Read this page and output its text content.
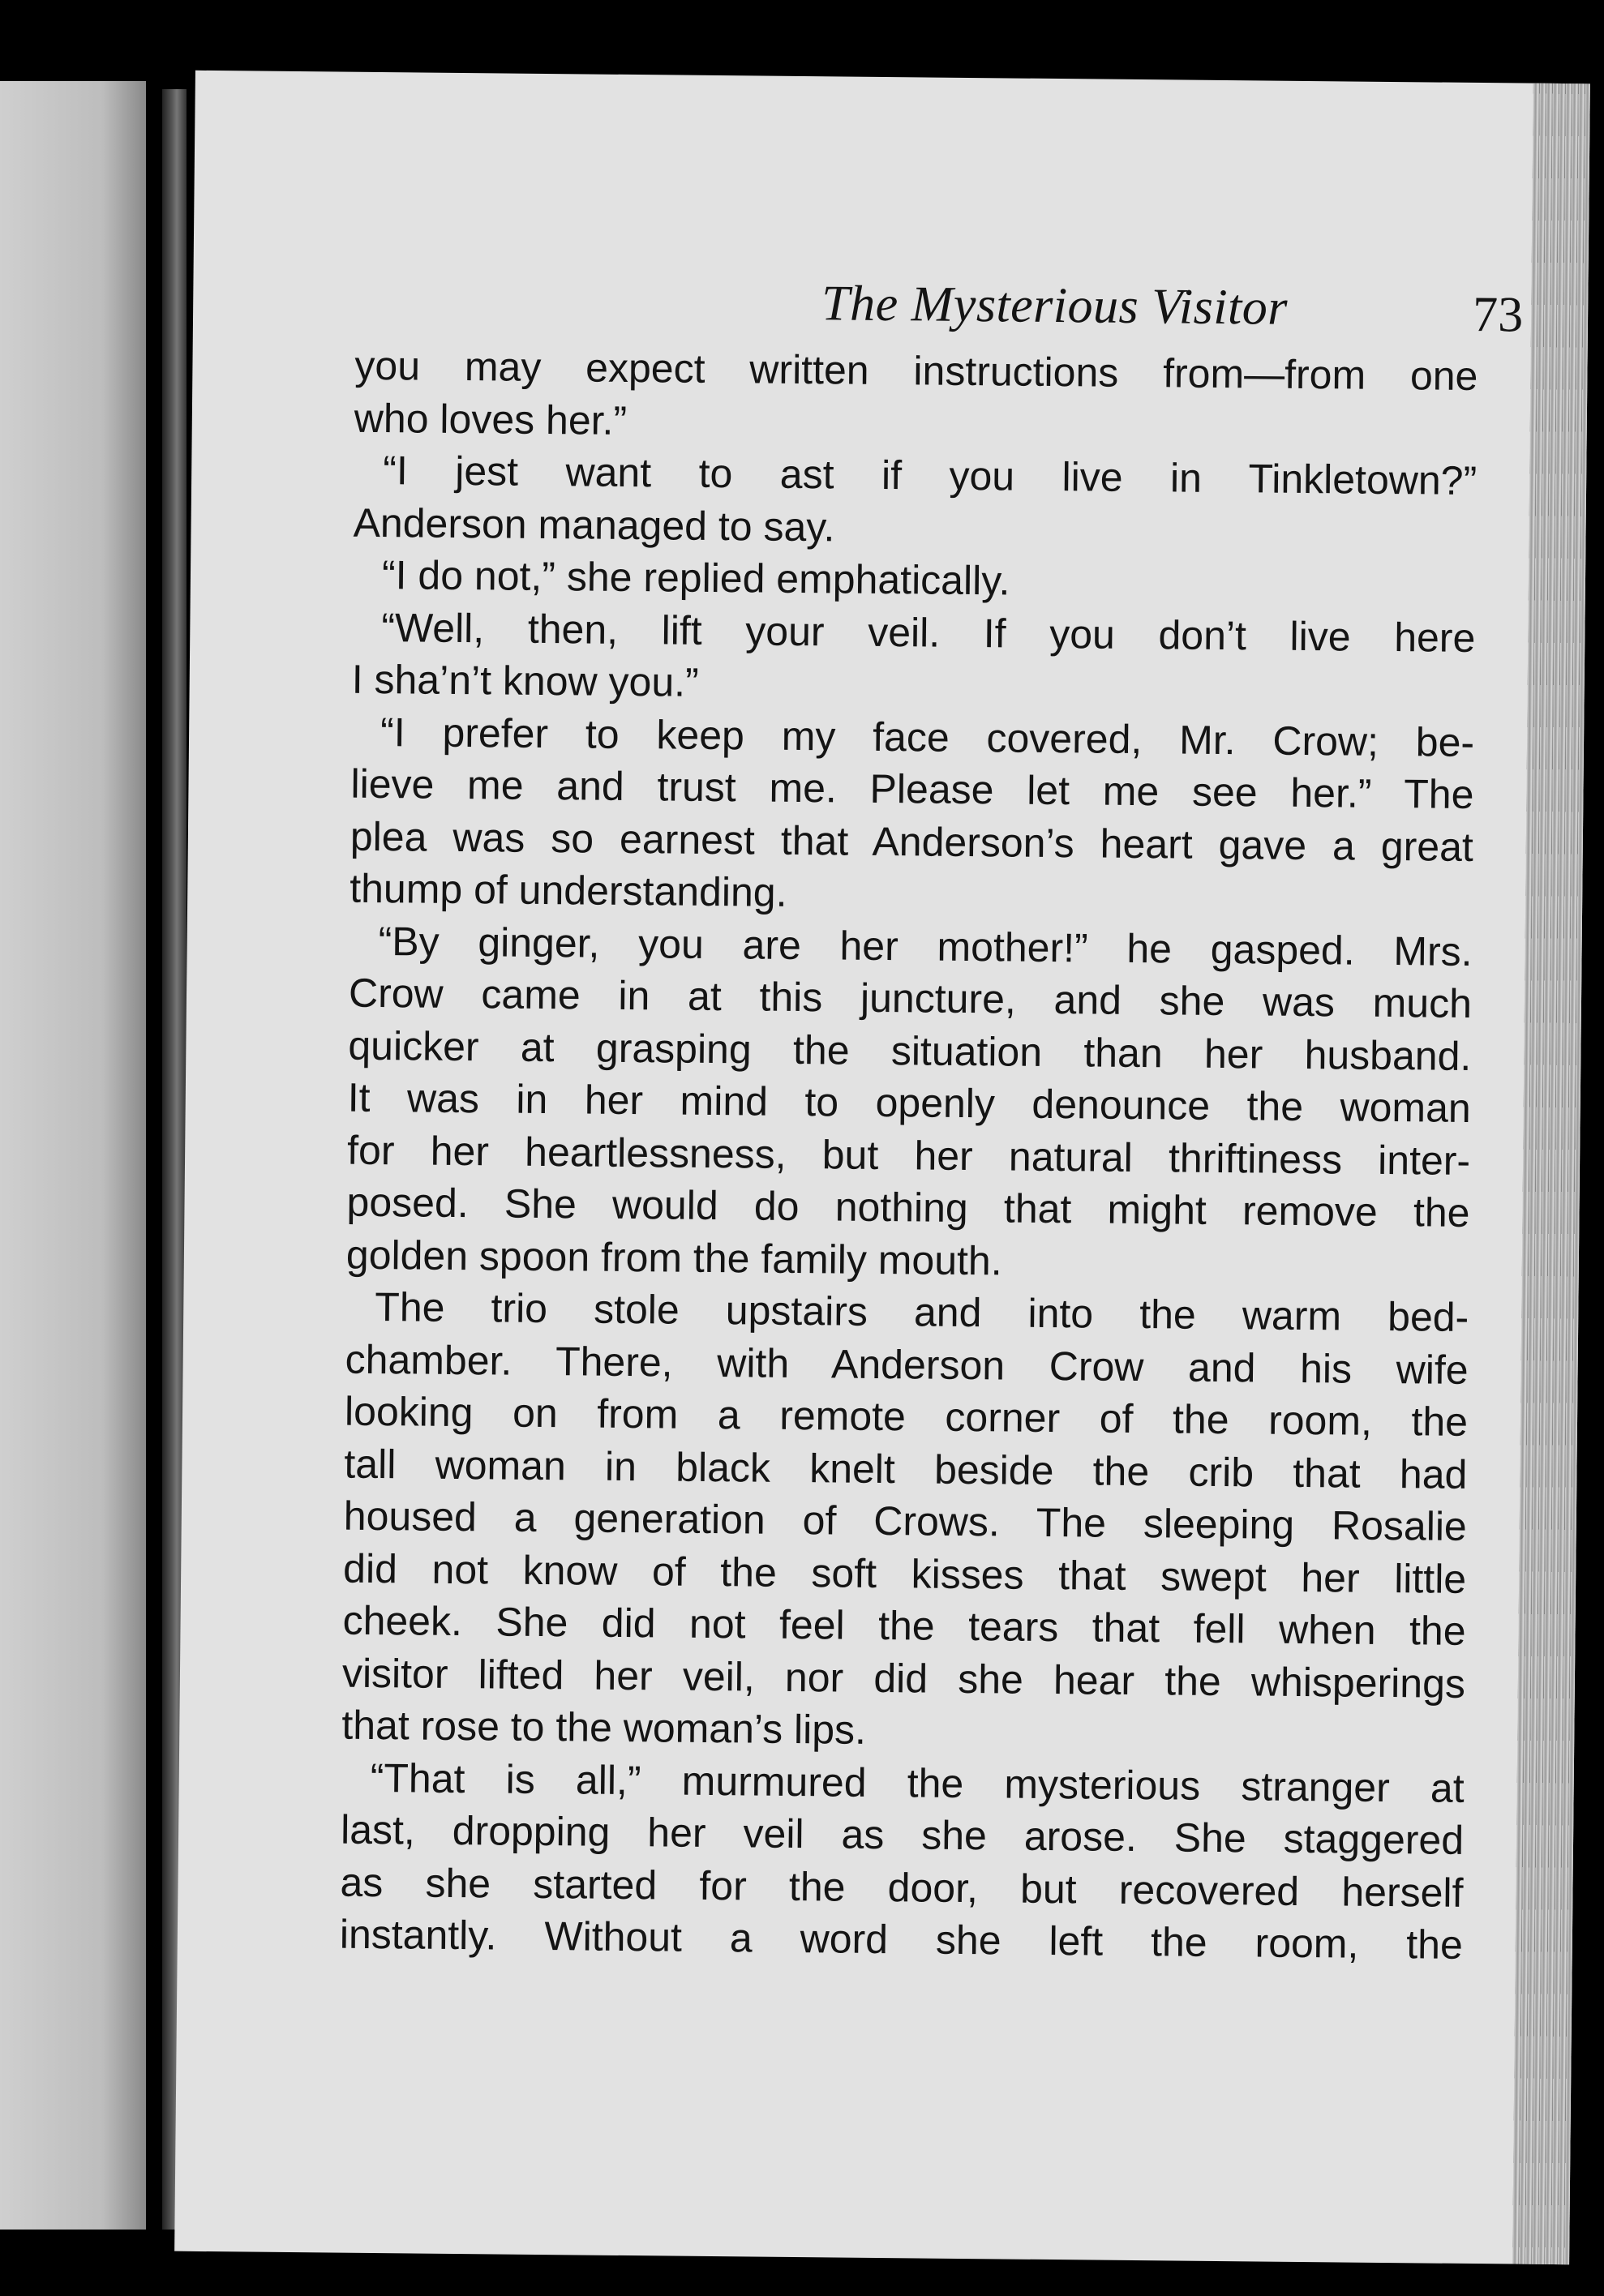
The Mysterious Visitor	73

you may expect written instructions from—from one
who loves her.”

“I jest want to ast if you live in Tinkletown?”
Anderson managed to say.

“I do not,” she replied emphatically.

“Well, then, lift your veil. If you don’t live here
I sha’n’t know you.”

“I prefer to keep my face covered, Mr. Crow; be-
lieve me and trust me. Please let me see her.” The
plea was so earnest that Anderson’s heart gave a great
thump of understanding.

“By ginger, you are her mother!” he gasped. Mrs.
Crow came in at this juncture, and she was much
quicker at grasping the situation than her husband.
It was in her mind to openly denounce the woman
for her heartlessness, but her natural thriftiness inter-
posed. She would do nothing that might remove the
golden spoon from the family mouth.

The trio stole upstairs and into the warm bed-
chamber. There, with Anderson Crow and his wife
looking on from a remote corner of the room, the
tall woman in black knelt beside the crib that had
housed a generation of Crows. The sleeping Rosalie
did not know of the soft kisses that swept her little
cheek. She did not feel the tears that fell when the
visitor lifted her veil, nor did she hear the whisperings
that rose to the woman’s lips.

“That is all,” murmured the mysterious stranger at
last, dropping her veil as she arose. She staggered
as she started for the door, but recovered herself
instantly. Without a word she left the room, the
